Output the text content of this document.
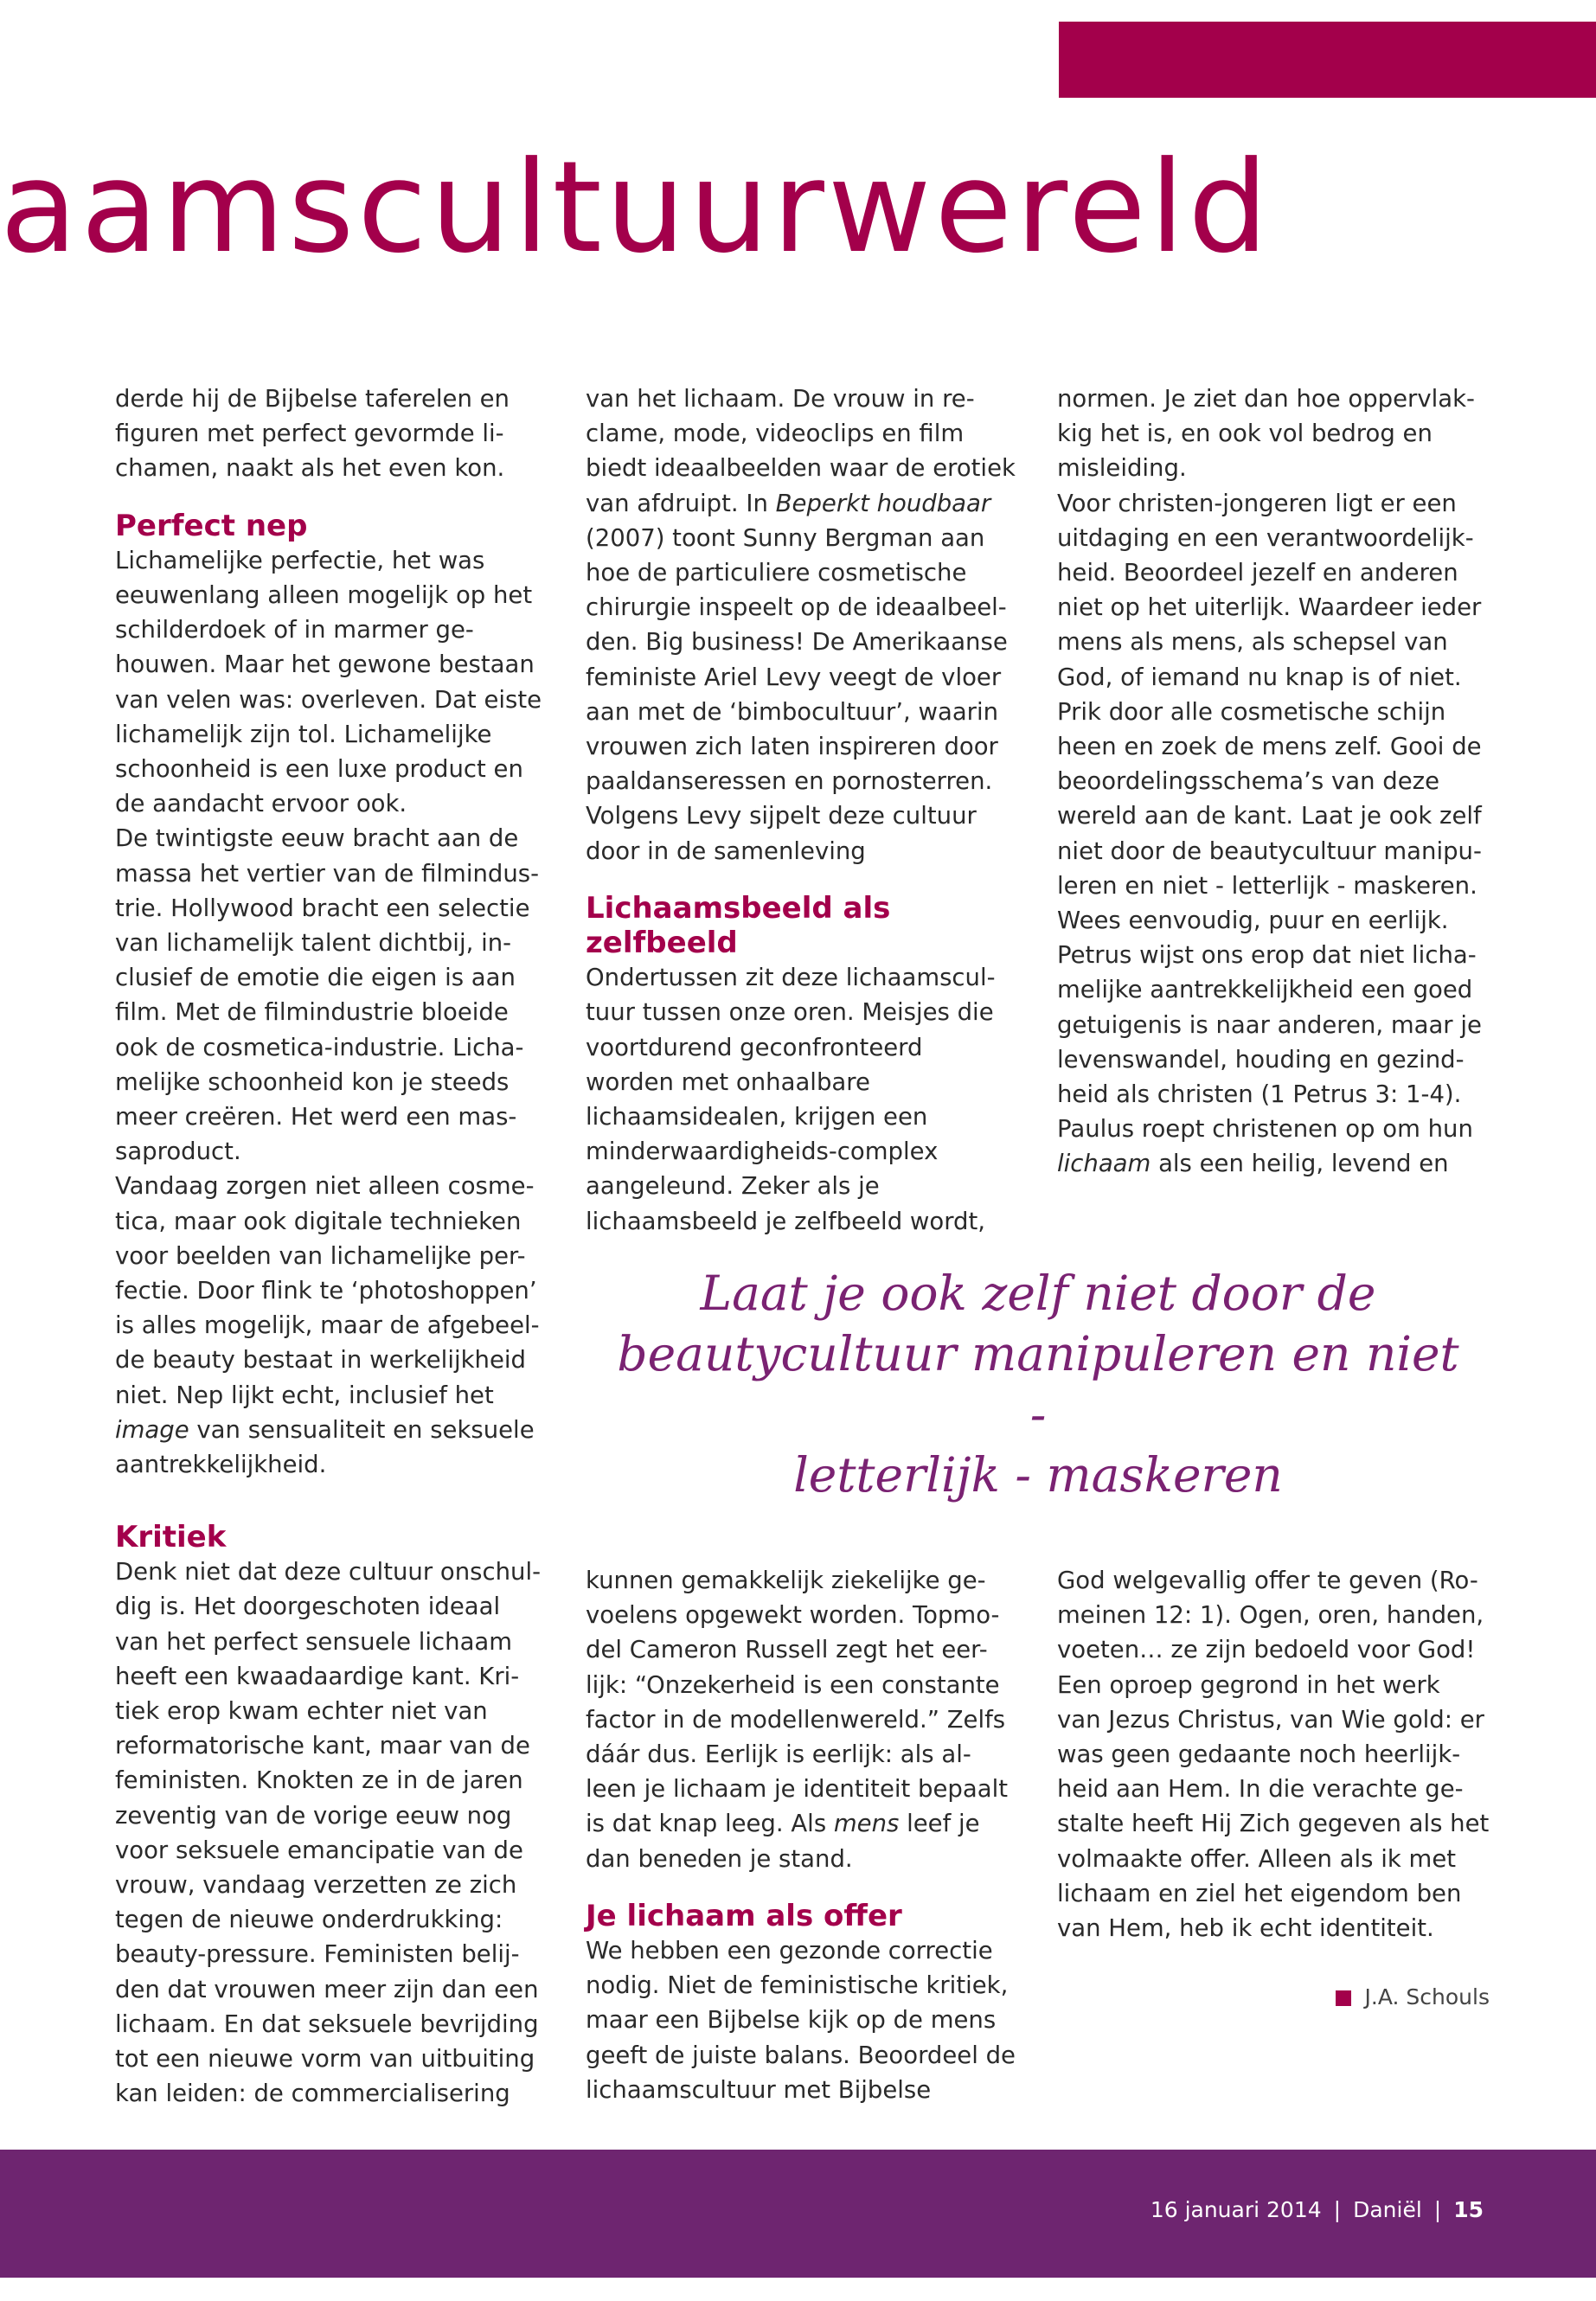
aamscultuurwereld

derde hij de Bijbelse taferelen en figuren met perfect gevormde li-chamen, naakt als het even kon.

Perfect nep

Lichamelijke perfectie, het was eeuwenlang alleen mogelijk op het schilderdoek of in marmer ge-houwen. Maar het gewone bestaan van velen was: overleven. Dat eiste lichamelijk zijn tol. Lichamelijke schoonheid is een luxe product en de aandacht ervoor ook.

De twintigste eeuw bracht aan de massa het vertier van de filmindus-trie. Hollywood bracht een selectie van lichamelijk talent dichtbij, in-clusief de emotie die eigen is aan film. Met de filmindustrie bloeide ook de cosmetica-industrie. Licha-melijke schoonheid kon je steeds meer creëren. Het werd een mas-saproduct.

Vandaag zorgen niet alleen cosme-tica, maar ook digitale technieken voor beelden van lichamelijke per-fectie. Door flink te ‘photoshoppen’ is alles mogelijk, maar de afgebeel-de beauty bestaat in werkelijkheid niet. Nep lijkt echt, inclusief het image van sensualiteit en seksuele aantrekkelijkheid.

van het lichaam. De vrouw in re-clame, mode, videoclips en film biedt ideaalbeelden waar de erotiek van afdruipt. In Beperkt houdbaar (2007) toont Sunny Bergman aan hoe de particuliere cosmetische chirurgie inspeelt op de ideaalbeel-den. Big business! De Amerikaanse feministe Ariel Levy veegt de vloer aan met de ‘bimbocultuur’, waarin vrouwen zich laten inspireren door paaldanseressen en pornosterren. Volgens Levy sijpelt deze cultuur door in de samenleving

Lichaamsbeeld als zelfbeeld

Ondertussen zit deze lichaamscul-tuur tussen onze oren. Meisjes die voortdurend geconfronteerd worden met onhaalbare lichaamsidealen, krijgen een minderwaardigheids-complex aangeleund. Zeker als je lichaamsbeeld je zelfbeeld wordt,

normen. Je ziet dan hoe oppervlak-kig het is, en ook vol bedrog en misleiding.

Voor christen-jongeren ligt er een uitdaging en een verantwoordelijk-heid. Beoordeel jezelf en anderen niet op het uiterlijk. Waardeer ieder mens als mens, als schepsel van God, of iemand nu knap is of niet. Prik door alle cosmetische schijn heen en zoek de mens zelf. Gooi de beoordelingsschema’s van deze wereld aan de kant. Laat je ook zelf niet door de beautycultuur manipu-leren en niet - letterlijk - maskeren. Wees eenvoudig, puur en eerlijk. Petrus wijst ons erop dat niet licha-melijke aantrekkelijkheid een goed getuigenis is naar anderen, maar je levenswandel, houding en gezind-heid als christen (1 Petrus 3: 1-4). Paulus roept christenen op om hun lichaam als een heilig, levend en

Laat je ook zelf niet door de
beautycultuur manipuleren en niet -
letterlijk - maskeren
Kritiek

Denk niet dat deze cultuur onschul-dig is. Het doorgeschoten ideaal van het perfect sensuele lichaam heeft een kwaadaardige kant. Kri-tiek erop kwam echter niet van reformatorische kant, maar van de feministen. Knokten ze in de jaren zeventig van de vorige eeuw nog voor seksuele emancipatie van de vrouw, vandaag verzetten ze zich tegen de nieuwe onderdrukking: beauty-pressure. Feministen belij-den dat vrouwen meer zijn dan een lichaam. En dat seksuele bevrijding tot een nieuwe vorm van uitbuiting kan leiden: de commercialisering

kunnen gemakkelijk ziekelijke ge-voelens opgewekt worden. Topmo-del Cameron Russell zegt het eer-lijk: “Onzekerheid is een constante factor in de modellenwereld.” Zelfs dáár dus. Eerlijk is eerlijk: als al-leen je lichaam je identiteit bepaalt is dat knap leeg. Als mens leef je dan beneden je stand.

Je lichaam als offer

We hebben een gezonde correctie nodig. Niet de feministische kritiek, maar een Bijbelse kijk op de mens geeft de juiste balans. Beoordeel de lichaamscultuur met Bijbelse

God welgevallig offer te geven (Ro-meinen 12: 1). Ogen, oren, handen, voeten… ze zijn bedoeld voor God! Een oproep gegrond in het werk van Jezus Christus, van Wie gold: er was geen gedaante noch heerlijk-heid aan Hem. In die verachte ge-stalte heeft Hij Zich gegeven als het volmaakte offer. Alleen als ik met lichaam en ziel het eigendom ben van Hem, heb ik echt identiteit.

J.A. Schouls
16 januari 2014 | Daniël | 15
